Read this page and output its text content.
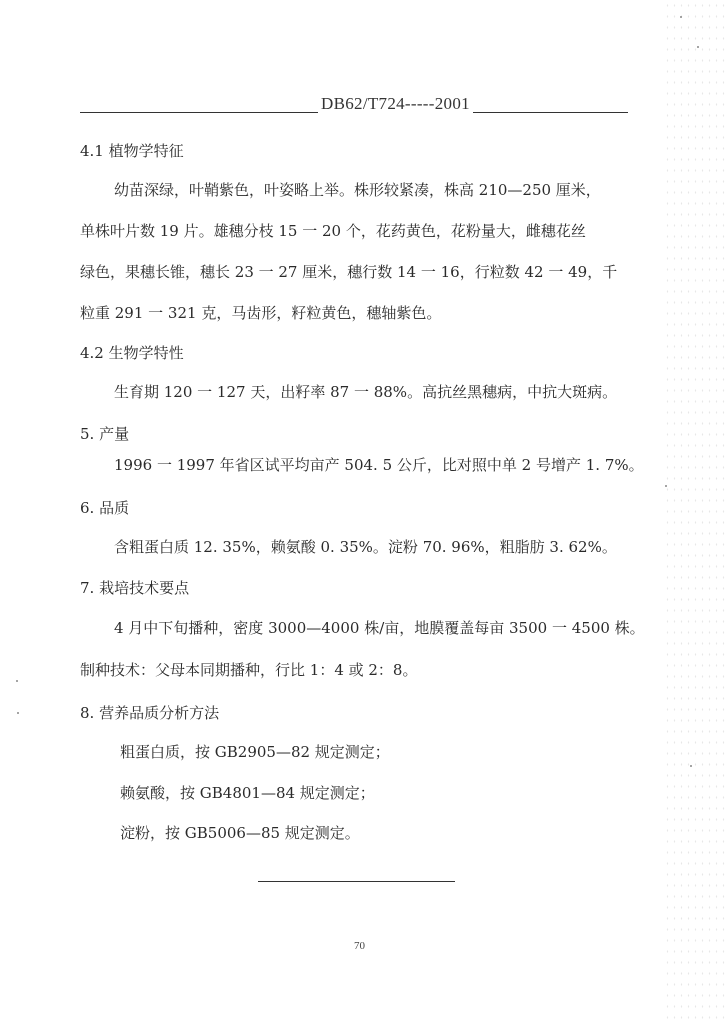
DB62/T724-----2001
4.1 植物学特征
幼苗深绿，叶鞘紫色，叶姿略上举。株形较紧凑，株高 210—250 厘米，
单株叶片数 19 片。雄穗分枝 15 一 20 个，花药黄色，花粉量大，雌穗花丝
绿色，果穗长锥，穗长 23 一 27 厘米，穗行数 14 一 16，行粒数 42 一 49，千
粒重 291 一 321 克，马齿形，籽粒黄色，穗轴紫色。
4.2 生物学特性
生育期 120 一 127 天，出籽率 87 一 88%。高抗丝黑穗病，中抗大斑病。
5. 产量
1996 一 1997 年省区试平均亩产 504. 5 公斤，比对照中单 2 号增产 1. 7%。
6. 品质
含粗蛋白质 12. 35%，赖氨酸 0. 35%。淀粉 70. 96%，粗脂肪 3. 62%。
7. 栽培技术要点
4 月中下旬播种，密度 3000—4000 株/亩，地膜覆盖每亩 3500 一 4500 株。
制种技术：父母本同期播种，行比 1：4 或 2：8。
8. 营养品质分析方法
粗蛋白质，按 GB2905—82 规定测定；
赖氨酸，按 GB4801—84 规定测定；
淀粉，按 GB5006—85 规定测定。
70
